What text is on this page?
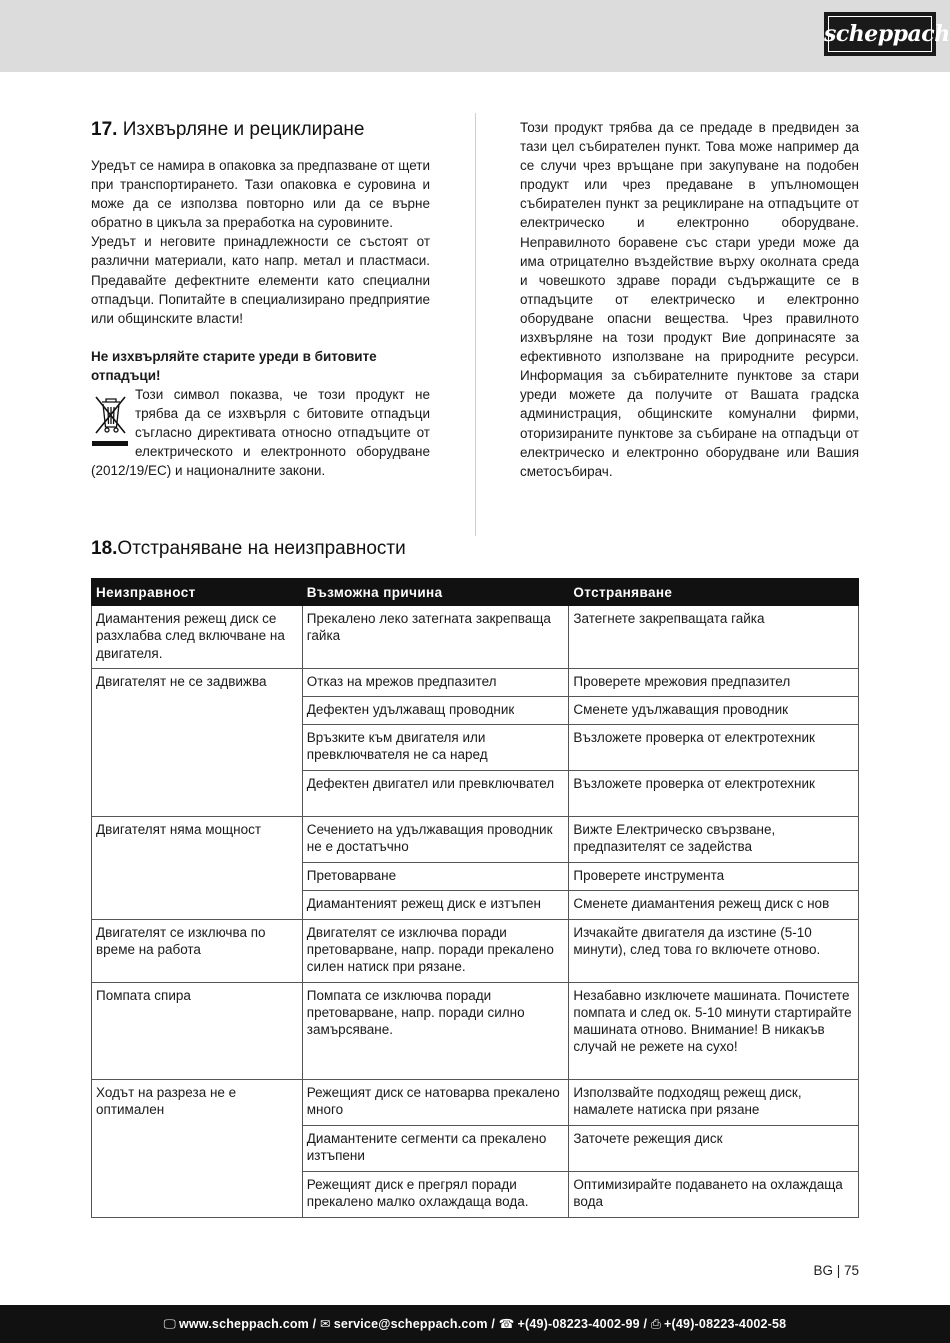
scheppach
17. Изхвърляне и рециклиране

Уредът се намира в опаковка за предпазване от щети при транспортирането. Тази опаковка е суровина и може да се използва повторно или да се върне обратно в цикъла за преработка на суровините.

Уредът и неговите принадлежности се състоят от различни материали, като напр. метал и пластмаси. Предавайте дефектните елементи като специални отпадъци. Попитайте в специализирано предприятие или общинските власти!

Не изхвърляйте старите уреди в битовите отпадъци!

Този символ показва, че този продукт не трябва да се изхвърля с битовите отпадъци съгласно директивата относно отпадъците от електрическото и електронното оборудване (2012/19/ЕС) и националните закони.

Този продукт трябва да се предаде в предвиден за тази цел събирателен пункт. Това може например да се случи чрез връщане при закупуване на подобен продукт или чрез предаване в упълномощен събирателен пункт за рециклиране на отпадъците от електрическо и електронно оборудване. Неправилното боравене със стари уреди може да има отрицателно въздействие върху околната среда и човешкото здраве поради съдържащите се в отпадъците от електрическо и електронно оборудване опасни вещества. Чрез правилното изхвърляне на този продукт Вие допринасяте за ефективното използване на природните ресурси. Информация за събирателните пунктове за стари уреди можете да получите от Вашата градска администрация, общинските комунални фирми, оторизираните пунктове за събиране на отпадъци от електрическо и електронно оборудване или Вашия сметосъбирач.

18.Отстраняване на неизправности
Неизправност	Възможна причина	Отстраняване
Диамантения режещ диск се разхлабва след включване на двигателя.	Прекалено леко затегната закрепваща гайка	Затегнете закрепващата гайка
Двигателят не се задвижва	Отказ на мрежов предпазител	Проверете мрежовия предпазител
	Дефектен удължаващ проводник	Сменете удължаващия проводник
	Връзките към двигателя или превключвателя не са наред	Възложете проверка от електротехник
	Дефектен двигател или превключвател	Възложете проверка от електротехник
Двигателят няма мощност	Сечението на удължаващия проводник не е достатъчно	Вижте Електрическо свързване, предпазителят се задейства
	Претоварване	Проверете инструмента
	Диамантеният режещ диск е изтъпен	Сменете диамантения режещ диск с нов
Двигателят се изключва по време на работа	Двигателят се изключва поради претоварване, напр. поради прекалено силен натиск при рязане.	Изчакайте двигателя да изстине (5-10 минути), след това го включете отново.
Помпата спира	Помпата се изключва поради претоварване, напр. поради силно замърсяване.	Незабавно изключете машината. Почистете помпата и след ок. 5-10 минути стартирайте машината отново. Внимание! В никакъв случай не режете на сухо!
Ходът на разреза не е оптимален	Режещият диск се натоварва прекалено много	Използвайте подходящ режещ диск, намалете натиска при рязане
	Диамантените сегменти са прекалено изтъпени	Заточете режещия диск
	Режещият диск е прегрял поради прекалено малко охлаждаща вода.	Оптимизирайте подаването на охлаждаща вода
BG | 75
🖵 www.scheppach.com / ✉ service@scheppach.com / ☎ +(49)-08223-4002-99 / ⎙ +(49)-08223-4002-58
